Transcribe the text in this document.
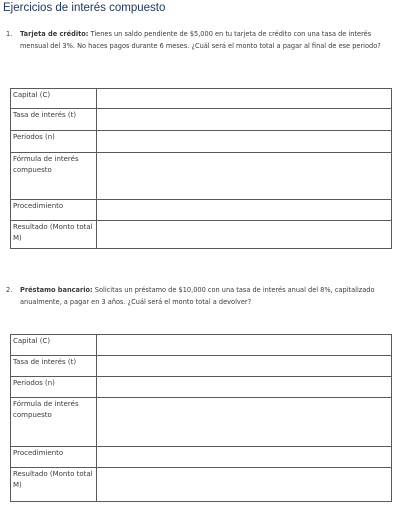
Ejercicios de interés compuesto
1.	Tarjeta de crédito: Tienes un saldo pendiente de $5,000 en tu tarjeta de crédito con una tasa de interés mensual del 3%. No haces pagos durante 6 meses. ¿Cuál será el monto total a pagar al final de ese periodo?
Capital (C)	
Tasa de interés (t)	
Periodos (n)	
Fórmula de interés compuesto	
Procedimiento	
Resultado (Monto total M)	
2.	Préstamo bancario: Solicitas un préstamo de $10,000 con una tasa de interés anual del 8%, capitalizado anualmente, a pagar en 3 años. ¿Cuál será el monto total a devolver?
Capital (C)	
Tasa de interés (t)	
Periodos (n)	
Fórmula de interés compuesto	
Procedimiento	
Resultado (Monto total M)	
